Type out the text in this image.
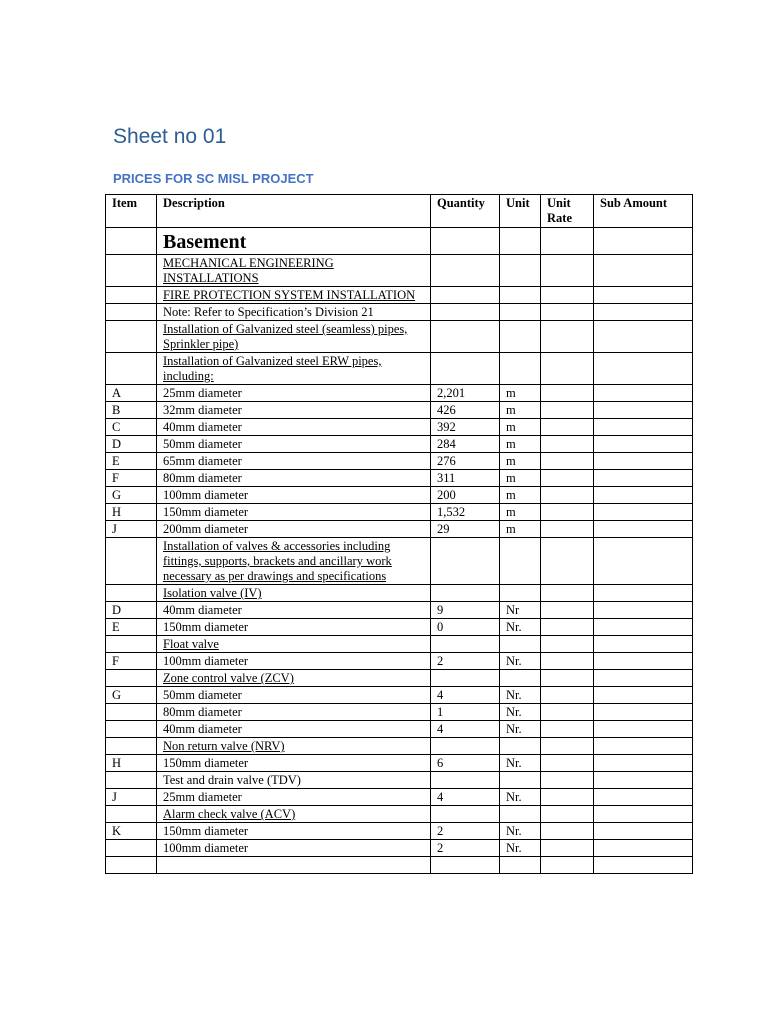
Sheet no 01
PRICES FOR SC MISL PROJECT
Item	Description	Quantity	Unit	Unit Rate	Sub Amount
	Basement				
	MECHANICAL ENGINEERING INSTALLATIONS				
	FIRE PROTECTION SYSTEM INSTALLATION				
	Note: Refer to Specification’s Division 21				
	Installation of Galvanized steel (seamless) pipes, Sprinkler pipe)				
	Installation of Galvanized steel ERW pipes, including:				
A	25mm diameter	2,201	m		
B	32mm diameter	426	m		
C	40mm diameter	392	m		
D	50mm diameter	284	m		
E	65mm diameter	276	m		
F	80mm diameter	311	m		
G	100mm diameter	200	m		
H	150mm diameter	1,532	m		
J	200mm diameter	29	m		
	Installation of valves & accessories including fittings, supports, brackets and ancillary work necessary as per drawings and specifications				
	Isolation valve (IV)				
D	40mm diameter	9	Nr		
E	150mm diameter	0	Nr.		
	Float valve				
F	100mm diameter	2	Nr.		
	Zone control valve (ZCV)				
G	50mm diameter	4	Nr.		
	80mm diameter	1	Nr.		
	40mm diameter	4	Nr.		
	Non return valve (NRV)				
H	150mm diameter	6	Nr.		
	Test and drain valve (TDV)				
J	25mm diameter	4	Nr.		
	Alarm check valve (ACV)				
K	150mm diameter	2	Nr.		
	100mm diameter	2	Nr.		
